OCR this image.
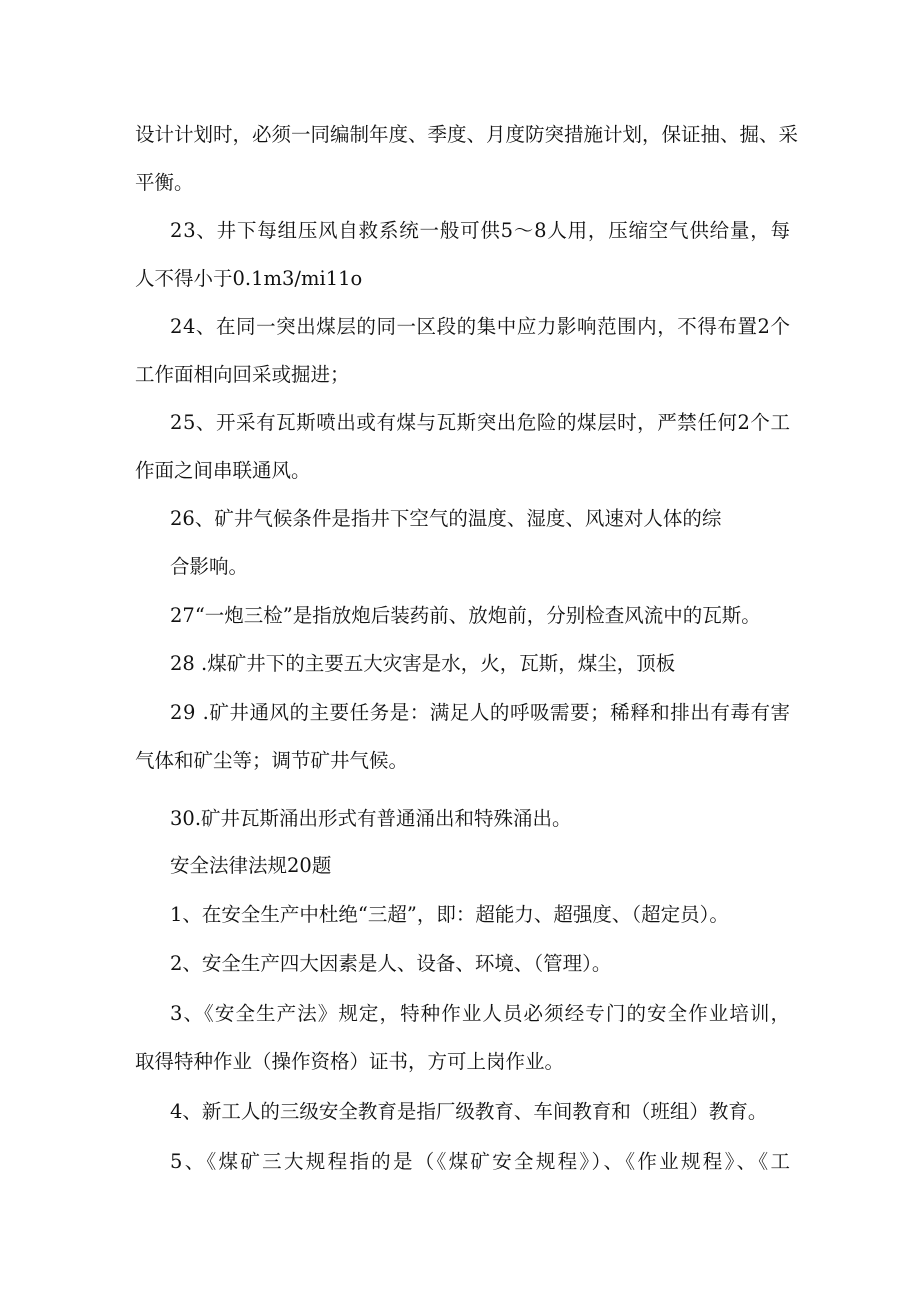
设计计划时，必须一同编制年度、季度、月度防突措施计划，保证抽、掘、采

平衡。

23、井下每组压风自救系统一般可供5～8人用，压缩空气供给量，每

人不得小于0.1m3∕mi11o

24、在同一突出煤层的同一区段的集中应力影响范围内，不得布置2个

工作面相向回采或掘进；

25、开采有瓦斯喷出或有煤与瓦斯突出危险的煤层时，严禁任何2个工

作面之间串联通风。

26、矿井气候条件是指井下空气的温度、湿度、风速对人体的综

合影响。

27“一炮三检”是指放炮后装药前、放炮前，分别检查风流中的瓦斯。

28 .煤矿井下的主要五大灾害是水，火，瓦斯，煤尘，顶板

29 .矿井通风的主要任务是：满足人的呼吸需要；稀释和排出有毒有害

气体和矿尘等；调节矿井气候。

30.矿井瓦斯涌出形式有普通涌出和特殊涌出。

安全法律法规20题

1、在安全生产中杜绝“三超”，即：超能力、超强度、（超定员）。

2、安全生产四大因素是人、设备、环境、（管理）。

3、《安全生产法》规定，特种作业人员必须经专门的安全作业培训，

取得特种作业（操作资格）证书，方可上岗作业。

4、新工人的三级安全教育是指厂级教育、车间教育和（班组）教育。

5、《煤矿三大规程指的是（《煤矿安全规程》）、《作业规程》、《工
